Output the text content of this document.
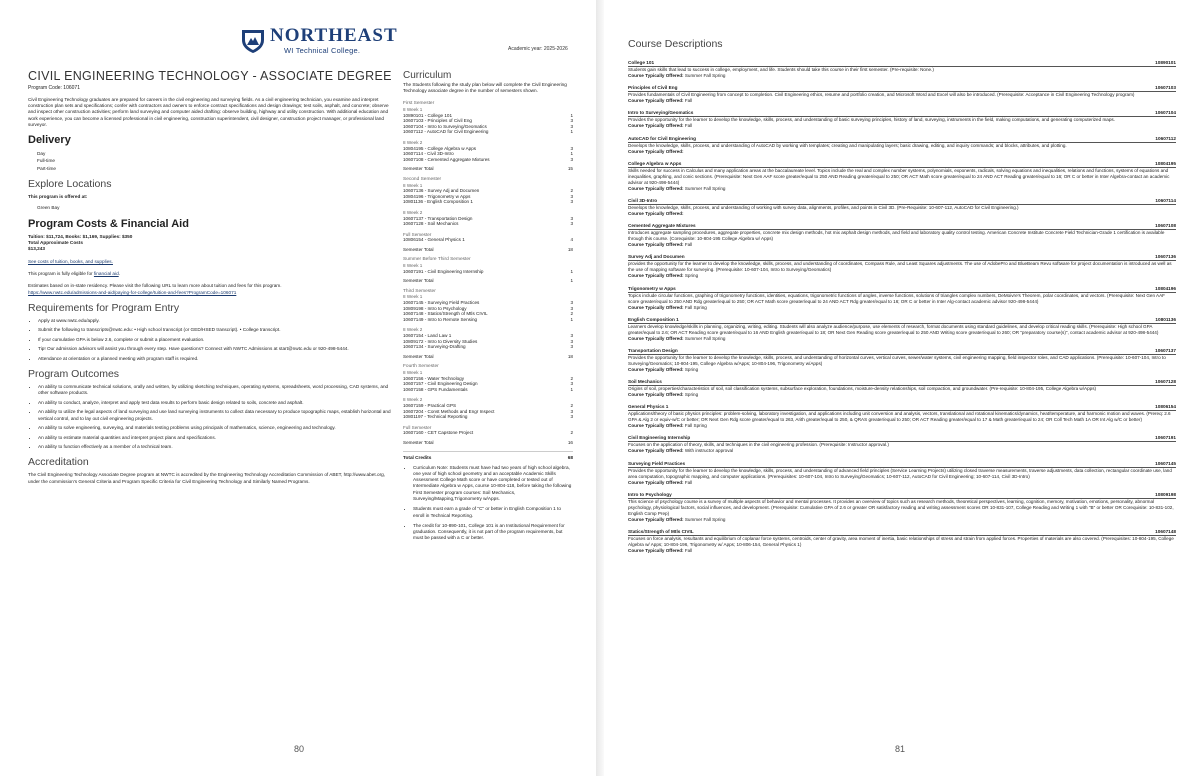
NORTHEAST
WI Technical College.	Academic year: 2025-2026
CIVIL ENGINEERING TECHNOLOGY - ASSOCIATE DEGREE
Program Code: 106071

Civil Engineering Technology graduates are prepared for careers in the civil engineering and surveying fields. As a civil engineering technician, you examine and interpret construction plan sets and specifications; confer with contractors and owners to enforce contract specifications and design drawings; test soils, asphalt, and concrete; observe and inspect other construction activities; perform land surveying and computer aided drafting: observe building, highway and utility construction. With additional education and work experience, you can become a licensed professional in civil engineering, construction superintendent, civil designer, construction project manager, or professional land surveyor.

Delivery
Day
Full-time
Part-time
Explore Locations
This program is offered at:
Green Bay
Program Costs & Financial Aid
Tuition: $11,724, Books: $1,169, Supplies: $350
Total Approximate Costs
$13,243
See costs of tuition, books, and supplies.
This program is fully eligible for financial aid.
Estimates based on in-state residency. Please visit the following URL to learn more about tuition and fees for this program.
https://www.nwtc.edu/admissions-and-aid/paying-for-college/tuition-and-fees?ProgramCode=106071
Requirements for Program Entry
• Apply at www.nwtc.edu/apply.
• Submit the following to transcripts@nwtc.edu: • High school transcript (or GED/HSED transcript). • College transcript.
• If your cumulative GPA is below 2.6, complete or submit a placement evaluation.
• Tip! Our admission advisors will assist you through every step. Have questions? Connect with NWTC Admissions at start@nwtc.edu or 920-498-5444.
• Attendance at orientation or a planned meeting with program staff is required.
Program Outcomes
• An ability to communicate technical solutions, orally and written, by utilizing sketching techniques, operating systems, spreadsheets, word processing, CAD systems, and other software products.
• An ability to conduct, analyze, interpret and apply test data results to perform basic design related to soils, concrete and asphalt.
• An ability to utilize the legal aspects of land surveying and use land surveying instruments to collect data necessary to produce topographic maps, establish horizontal and vertical control, and to lay out civil engineering projects.
• An ability to solve engineering, surveying, and materials testing problems using principals of mathematics, science, engineering and technology.
• An ability to estimate material quantities and interpret project plans and specifications.
• An ability to function effectively as a member of a technical team.
Accreditation

The Civil Engineering Technology Associate Degree program at NWTC is accredited by the Engineering Technology Accreditation Commission of ABET, http://www.abet.org, under the commission's General Criteria and Program Specific Criteria for Civil Engineering Technology and Similarly Named Programs.

Curriculum

The Students following the study plan below will complete the Civil Engineering Technology associate degree in the number of semesters shown.

First Semester
8 Week 1
10890101 - College 101	1
10607103 - Principles of Civil Eng	3
10607104 - Intro to Surveying/Geomatics	3
10607112 - AutoCAD for Civil Engineering	1
8 Week 2
10804195 - College Algebra w Apps	3
10607114 - Civil 3D-Intro	1
10607108 - Cemented Aggregate Mixtures	3
Semester Total	15
Second Semester
8 Week 1
10607136 - Survey Adj and Documen	2
10804196 - Trigonometry w Apps	3
10801136 - English Composition 1	3
8 Week 2
10607137 - Transportation Design	3
10607128 - Soil Mechanics	3
Full Semester
10806154 - General Physics 1	4
Semester Total	18
Summer Before Third Semester
8 Week 1
10607191 - Civil Engineering Internship	1
Semester Total	1
Third Semester
8 Week 1
10607145 - Surveying Field Practices	3
10809198 - Intro to Psychology	3
10607148 - Statics/Strength of Mtls CIVIL	2
10607149 - Intro to Remote Sensing	1
8 Week 2
10607154 - Land Law 1	3
10809172 - Intro to Diversity Studies	3
10607134 - Surveying-Drafting	3
Semester Total	18
Fourth Semester
8 Week 1
10607156 - Water Technology	2
10607157 - Civil Engineering Design	3
10607158 - GPS Fundamentals	1
8 Week 2
10607159 - Practical GPS	2
10607204 - Const Methods and Engr Inspect	3
10801197 - Technical Reporting	3
Full Semester
10607160 - CET Capstone Project	2
Semester Total	16
Total Credits	68
• Curriculum Note: Students must have had two years of high school algebra, one year of high school geometry and an acceptable Academic Skills Assessment College Math score or have completed or tested out of Intermediate Algebra w Apps, course 10-804-118, before taking the following First Semester program courses: Soil Mechanics, Surveying/Mapping,Trigonometry w/Apps.
• Students must earn a grade of "C" or better in English Composition 1 to enroll in Technical Reporting.
• The credit for 10-890-101, College 101 is an Institutional Requirement for graduation. Consequently, it is not part of the program requirements, but must be passed with a C or better.
80
Course Descriptions
College 101	10890101

Students gain skills that lead to success in college, employment, and life. Students should take this course in their first semester. (Pre-requisite: None.)

Course Typically Offered: Summer Fall Spring
Principles of Civil Eng	10607103

Provides fundamentals of Civil Engineering from concept to completion. Civil Engineering ethics, resume and portfolio creation, and Microsoft Word and Excel will also be introduced. (Prerequisite: Acceptance in Civil Engineering Technology program)

Course Typically Offered: Fall
Intro to Surveying/Geomatics	10607104

Provides the opportunity for the learner to develop the knowledge, skills, process, and understanding of basic surveying principles, history of land, surveying, instruments in the field, making computations, and generating computerized maps.

Course Typically Offered: Fall
AutoCAD for Civil Engineering	10607112

Develops the knowledge, skills, process, and understanding of AutoCAD by working with templates; creating and manipulating layers; basic drawing, editing, and inquiry commands; and blocks, attributes, and plotting.

Course Typically Offered:
College Algebra w Apps	10804195

Skills needed for success in Calculus and many application areas at the baccalaureate level. Topics include the real and complex number systems, polynomials, exponents, radicals, solving equations and inequalities, relations and functions, systems of equations and inequalities, graphing, and conic sections. (Prerequisite: Next Gen AAF score greater/equal to 250 AND Reading greater/equal to 250; OR ACT Math score greater/equal to 24 AND ACT Reading greater/equal to 16; OR C or better in Inter Algebra-contact an academic advisor at 920-498-5444)

Course Typically Offered: Summer Fall Spring
Civil 3D-Intro	10607114

Develops the knowledge, skills, process, and understanding of working with survey data, alignments, profiles, and points in Civil 3D. (Pre-Requisite: 10-607-112, AutoCAD for Civil Engineering.)

Course Typically Offered:
Cemented Aggregate Mixtures	10607108

Introduces aggregate sampling procedures, aggregate properties, concrete mix design methods, hot mix asphalt design methods, and field and laboratory quality control testing. American Concrete Institute Concrete Field Technician-Grade 1 certification is available through this course. (Corequisite: 10-804-195 College Algebra w/ Apps)

Course Typically Offered: Fall
Survey Adj and Documen	10607136

provides the opportunity for the learner to develop the knowledge, skills, process, and understanding of coordinates, Compass Rule, and Least Squares adjustments. The use of AdobePro and BlueBeam Revu software for project documentation is introduced as well as the use of mapping software for surveying. (Prerequisite: 10-607-104, Intro to Surveying/Geomatics)

Course Typically Offered: Spring
Trigonometry w Apps	10804196

Topics include circular functions, graphing of trigonometry functions, identities, equations, trigonometric functions of angles, inverse functions, solutions of triangles complex numbers, DeMoivre's Theorem, polar coordinates, and vectors. (Prerequisite: Next Gen AAF score greater/equal to 250 AND Rdg greater/equal to 250; OR ACT Math score greater/equal to 24 AND ACT Rdg greater/equal to 16; OR C or better in Inter Alg-contact academic advisor 920-498-5444)

Course Typically Offered: Fall Spring
English Composition 1	10801136

Learners develop knowledge/skills in planning, organizing, writing, editing. Students will also analyze audience/purpose, use elements of research, format documents using standard guidelines, and develop critical reading skills. (Prerequisite: High school GPA greater/equal to 2.6; OR ACT Reading score greater/equal to 16 AND English greater/equal to 18; OR Next Gen Reading score greater/equal to 250 AND Writing score greater/equal to 260; OR "preparatory course(s)", contact academic advisor at 920-498-5444)

Course Typically Offered: Summer Fall Spring
Transportation Design	10607137

Provides the opportunity for the learner to develop the knowledge, skills, process, and understanding of horizontal curves, vertical curves, sewer/water systems, civil engineering mapping, field inspector roles, and CAD applications. (Prerequisite: 10-607-104, Intro to Surveying/Geomatics; 10-804-195, College Algebra w/Apps; 10-804-196, Trigonometry w/Apps)

Course Typically Offered: Spring
Soil Mechanics	10607128

Origins of soil, properties/characteristics of soil, soil classification systems, subsurface exploration, foundations, moisture-density relationships, soil compaction, and groundwater. (Pre-requisite: 10-804-195, College Algebra w/Apps)

Course Typically Offered: Spring
General Physics 1	10806154

Applications/theory of basic physics principles: problem-solving, laboratory investigation, and applications including unit conversion and analysis, vectors, translational and rotational kinematics/dynamics, heat/temperature, and harmonic motion and waves. (Prereq: 2.6 GPA & Alg 2 or equiv-w/C or better; OR Next Gen Rdg score greater/equal to 263, Arith greater/equal to 250, & QRAS greater/equal to 250; OR ACT Reading greater/equal to 17 & Math greater/equal to 24; OR Coll Tech Math 1A OR Int Alg w/C or better)

Course Typically Offered: Fall Spring
Civil Engineering Internship	10607191

Focuses on the application of theory, skills, and techniques in the civil engineering profession. (Prerequisite: Instructor approval.)

Course Typically Offered: With instructor approval
Surveying Field Practices	10607145

Provides the opportunity for the learner to develop the knowledge, skills, process, and understanding of advanced field principles (Service Learning Projects) utilizing closed traverse measurements, traverse adjustments, data collection, rectangular coordinate use, land area computation, topographic mapping, and computer applications. (Prerequisites: 10-607-104, Intro to Surveying/Geomatics; 10-607-112, AutoCAD for Civil Engineering; 10-607-114, Civil 3D-Intro)

Course Typically Offered: Fall
Intro to Psychology	10809198

This science of psychology course is a survey of multiple aspects of behavior and mental processes. It provides an overview of topics such as research methods, theoretical perspectives, learning, cognition, memory, motivation, emotions, personality, abnormal psychology, physiological factors, social influences, and development. (Prerequisite: Cumulative GPA of 2.6 or greater OR satisfactory reading and writing assessment scores OR 10-831-107, College Reading and Writing 1 with "B" or better OR Corequisite: 10-831-102, English Comp Prep)

Course Typically Offered: Summer Fall Spring
Statics/Strength of Mtls CIVIL	10607148

Focuses on force analysis, resultants and equilibrium of coplanar force systems, centroids, center of gravity, area moment of inertia, basic relationships of stress and strain from applied forces. Properties of materials are also covered. (Prerequisites: 10-804-195, College Algebra w/ Apps; 10-804-196, Trigonometry w/ Apps; 10-806-154, General Physics 1)

Course Typically Offered: Fall
81
